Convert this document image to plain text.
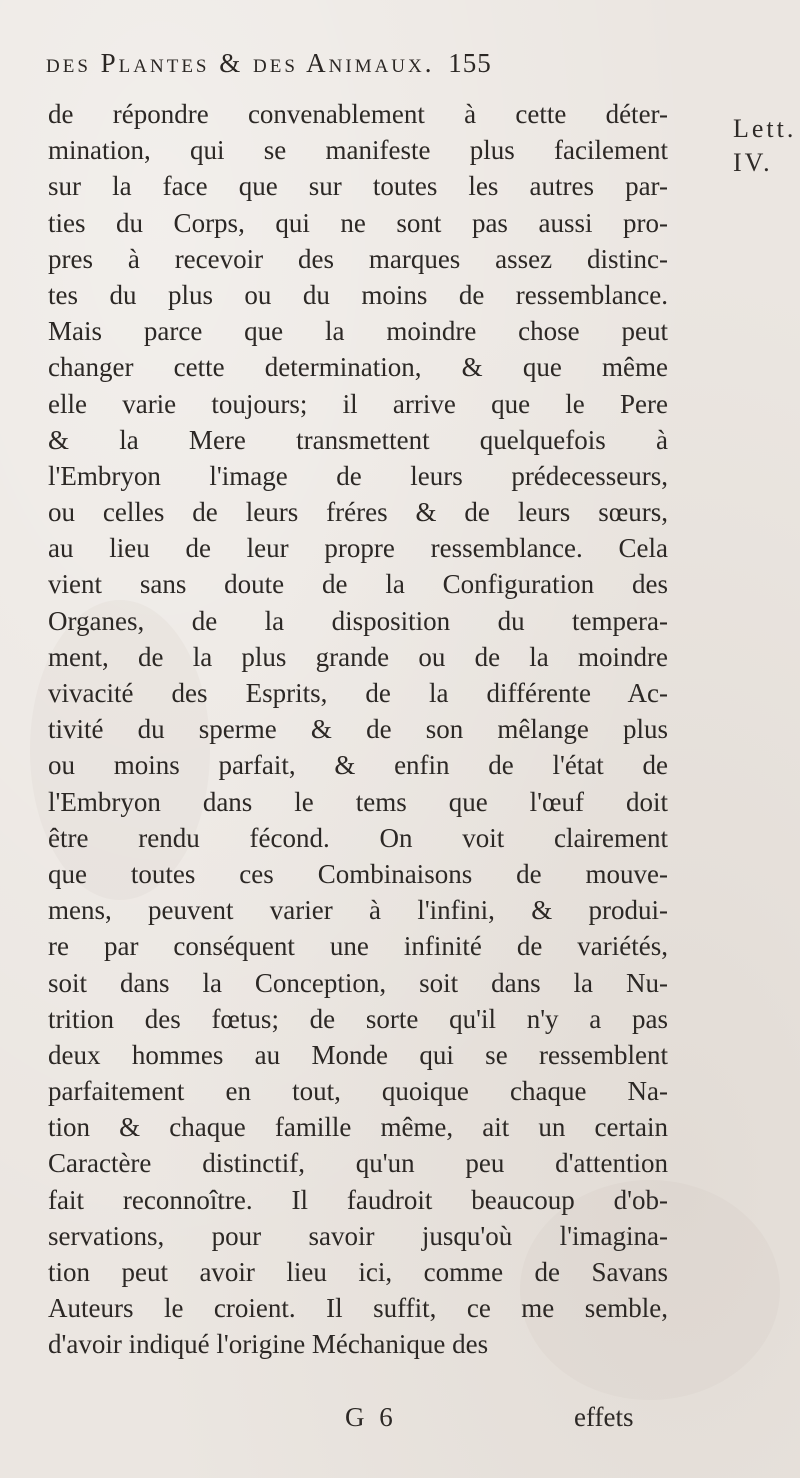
des Plantes & des Animaux. 155
Lett.
IV.
de répondre convenablement à cette déter-
mination, qui se manifeste plus facilement
sur la face que sur toutes les autres par-
ties du Corps, qui ne sont pas aussi pro-
pres à recevoir des marques assez distinc-
tes du plus ou du moins de ressemblance.
Mais parce que la moindre chose peut
changer cette determination, & que même
elle varie toujours; il arrive que le Pere
& la Mere transmettent quelquefois à
l'Embryon l'image de leurs prédecesseurs,
ou celles de leurs fréres & de leurs sœurs,
au lieu de leur propre ressemblance. Cela
vient sans doute de la Configuration des
Organes, de la disposition du tempera-
ment, de la plus grande ou de la moindre
vivacité des Esprits, de la différente Ac-
tivité du sperme & de son mêlange plus
ou moins parfait, & enfin de l'état de
l'Embryon dans le tems que l'œuf doit
être rendu fécond. On voit clairement
que toutes ces Combinaisons de mouve-
mens, peuvent varier à l'infini, & produi-
re par conséquent une infinité de variétés,
soit dans la Conception, soit dans la Nu-
trition des fœtus; de sorte qu'il n'y a pas
deux hommes au Monde qui se ressemblent
parfaitement en tout, quoique chaque Na-
tion & chaque famille même, ait un certain
Caractère distinctif, qu'un peu d'attention
fait reconnoître. Il faudroit beaucoup d'ob-
servations, pour savoir jusqu'où l'imagina-
tion peut avoir lieu ici, comme de Savans
Auteurs le croient. Il suffit, ce me semble,
d'avoir indiqué l'origine Méchanique des
G 6	effets
